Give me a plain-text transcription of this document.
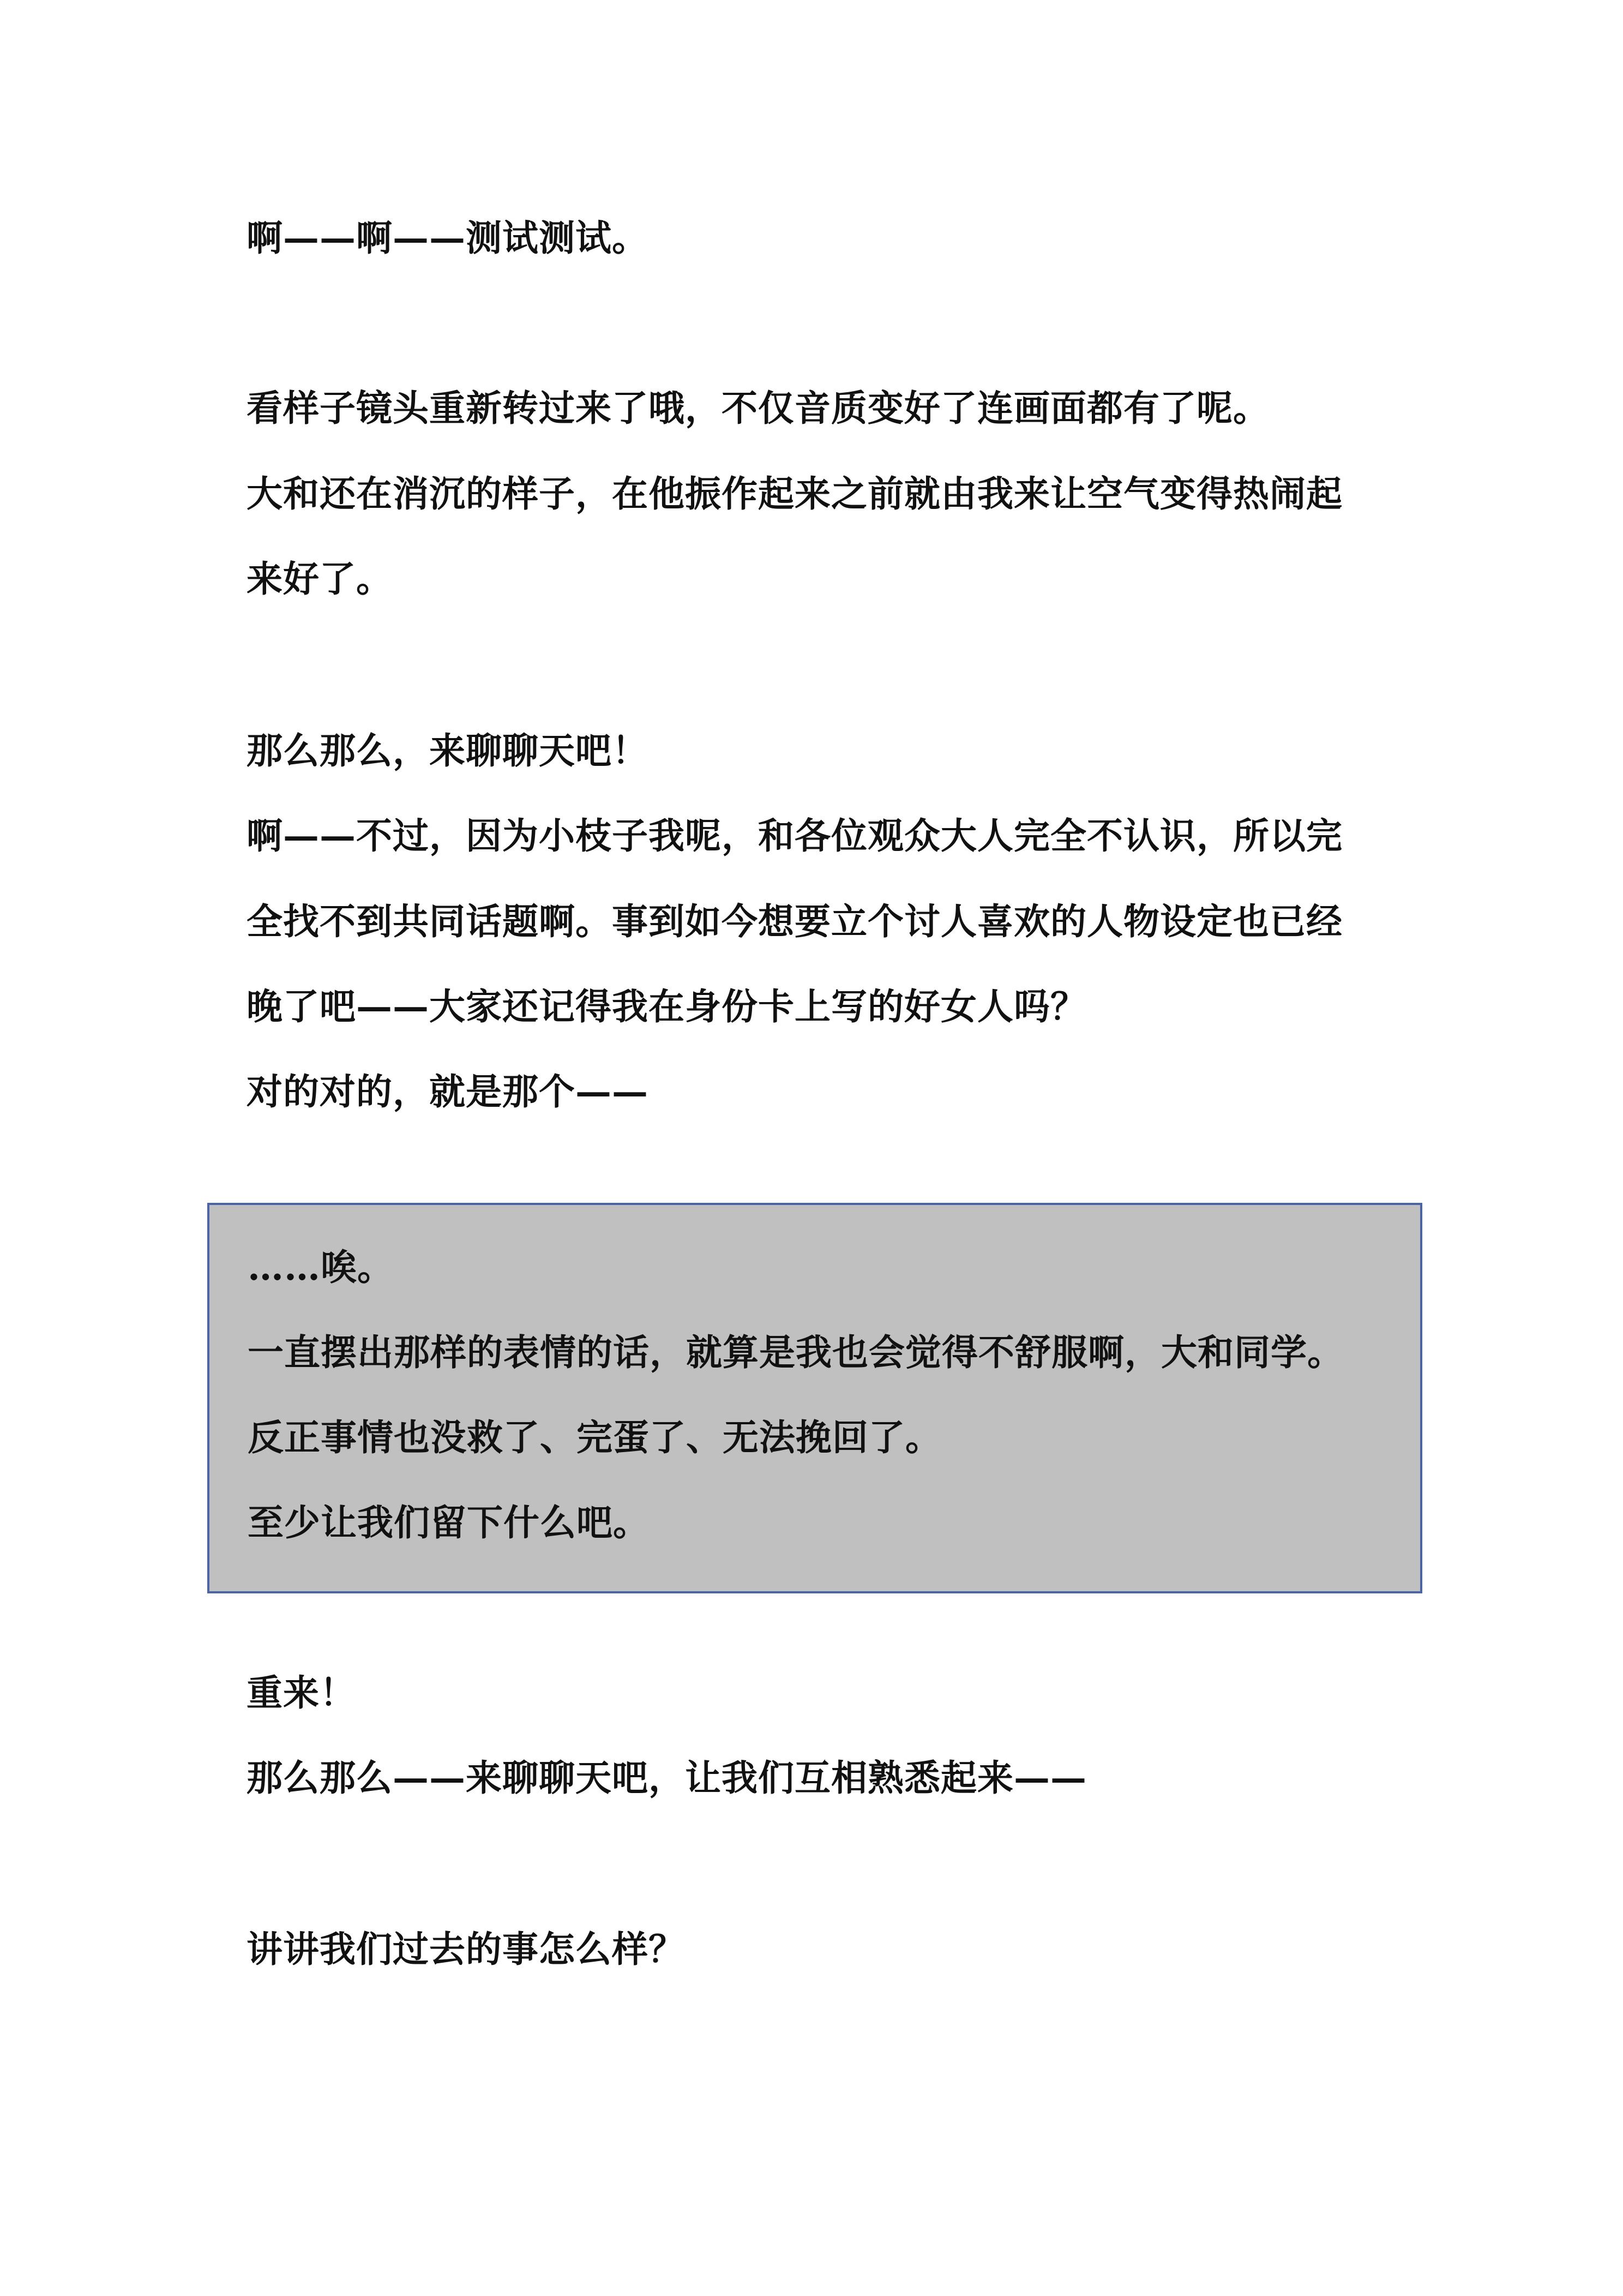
啊——啊——测试测试。
看样子镜头重新转过来了哦，不仅音质变好了连画面都有了呢。
大和还在消沉的样子，在他振作起来之前就由我来让空气变得热闹起
来好了。
那么那么，来聊聊天吧！
啊——不过，因为小枝子我呢，和各位观众大人完全不认识，所以完
全找不到共同话题啊。事到如今想要立个讨人喜欢的人物设定也已经
晚了吧——大家还记得我在身份卡上写的好女人吗？
对的对的，就是那个——
……唉。
一直摆出那样的表情的话，就算是我也会觉得不舒服啊，大和同学。
反正事情也没救了、完蛋了、无法挽回了。
至少让我们留下什么吧。
重来！
那么那么——来聊聊天吧，让我们互相熟悉起来——
讲讲我们过去的事怎么样？
